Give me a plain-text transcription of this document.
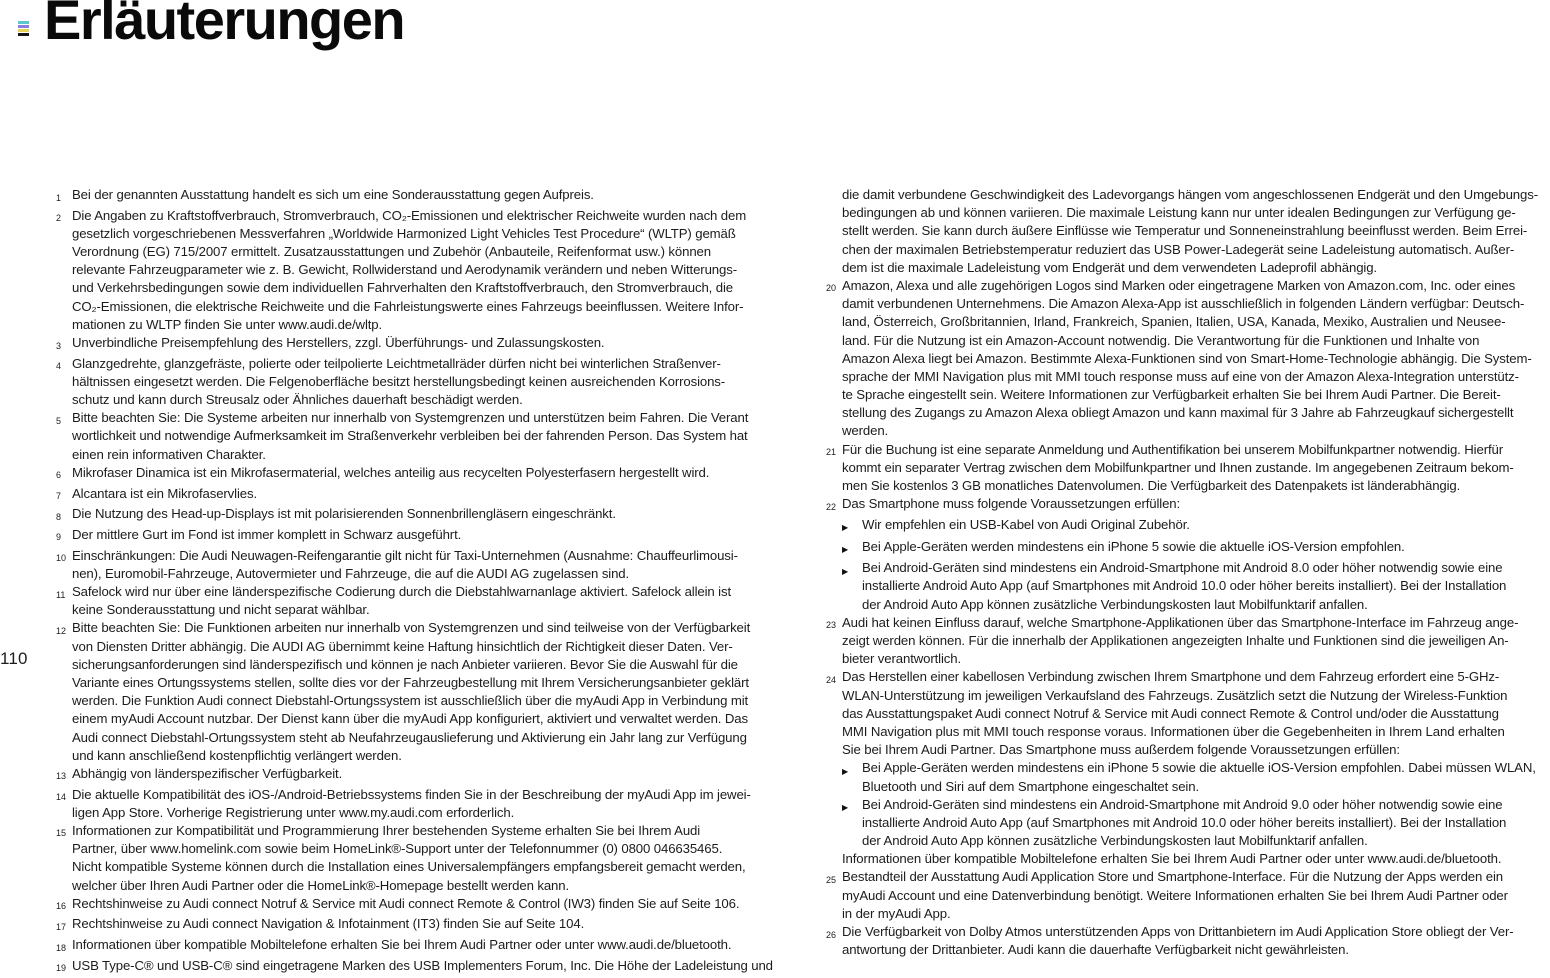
Erläuterungen
110
1 Bei der genannten Ausstattung handelt es sich um eine Sonderausstattung gegen Aufpreis.
2 Die Angaben zu Kraftstoffverbrauch, Stromverbrauch, CO₂-Emissionen und elektrischer Reichweite wurden nach dem
gesetzlich vorgeschriebenen Messverfahren „Worldwide Harmonized Light Vehicles Test Procedure“ (WLTP) gemäß
Verordnung (EG) 715/2007 ermittelt. Zusatzausstattungen und Zubehör (Anbauteile, Reifenformat usw.) können
relevante Fahrzeugparameter wie z. B. Gewicht, Rollwiderstand und Aerodynamik verändern und neben Witterungs-
und Verkehrsbedingungen sowie dem individuellen Fahrverhalten den Kraftstoffverbrauch, den Stromverbrauch, die
CO₂-Emissionen, die elektrische Reichweite und die Fahrleistungswerte eines Fahrzeugs beeinflussen. Weitere Infor-
mationen zu WLTP finden Sie unter www.audi.de/wltp.
3 Unverbindliche Preisempfehlung des Herstellers, zzgl. Überführungs- und Zulassungskosten.
4 Glanzgedrehte, glanzgefräste, polierte oder teilpolierte Leichtmetallräder dürfen nicht bei winterlichen Straßenver-
hältnissen eingesetzt werden. Die Felgenoberfläche besitzt herstellungsbedingt keinen ausreichenden Korrosions-
schutz und kann durch Streusalz oder Ähnliches dauerhaft beschädigt werden.
5 Bitte beachten Sie: Die Systeme arbeiten nur innerhalb von Systemgrenzen und unterstützen beim Fahren. Die Verant
wortlichkeit und notwendige Aufmerksamkeit im Straßenverkehr verbleiben bei der fahrenden Person. Das System hat
einen rein informativen Charakter.
6 Mikrofaser Dinamica ist ein Mikrofasermaterial, welches anteilig aus recycelten Polyesterfasern hergestellt wird.
7 Alcantara ist ein Mikrofaservlies.
8 Die Nutzung des Head-up-Displays ist mit polarisierenden Sonnenbrillengläsern eingeschränkt.
9 Der mittlere Gurt im Fond ist immer komplett in Schwarz ausgeführt.
10 Einschränkungen: Die Audi Neuwagen-Reifengarantie gilt nicht für Taxi-Unternehmen (Ausnahme: Chauffeurlimousi-
nen), Euromobil-Fahrzeuge, Autovermieter und Fahrzeuge, die auf die AUDI AG zugelassen sind.
11 Safelock wird nur über eine länderspezifische Codierung durch die Diebstahlwarnanlage aktiviert. Safelock allein ist
keine Sonderausstattung und nicht separat wählbar.
12 Bitte beachten Sie: Die Funktionen arbeiten nur innerhalb von Systemgrenzen und sind teilweise von der Verfügbarkeit
von Diensten Dritter abhängig. Die AUDI AG übernimmt keine Haftung hinsichtlich der Richtigkeit dieser Daten. Ver-
sicherungsanforderungen sind länderspezifisch und können je nach Anbieter variieren. Bevor Sie die Auswahl für die
Variante eines Ortungssystems stellen, sollte dies vor der Fahrzeugbestellung mit Ihrem Versicherungsanbieter geklärt
werden. Die Funktion Audi connect Diebstahl-Ortungssystem ist ausschließlich über die myAudi App in Verbindung mit
einem myAudi Account nutzbar. Der Dienst kann über die myAudi App konfiguriert, aktiviert und verwaltet werden. Das
Audi connect Diebstahl-Ortungssystem steht ab Neufahrzeugauslieferung und Aktivierung ein Jahr lang zur Verfügung
und kann anschließend kostenpflichtig verlängert werden.
13 Abhängig von länderspezifischer Verfügbarkeit.
14 Die aktuelle Kompatibilität des iOS-/Android-Betriebssystems finden Sie in der Beschreibung der myAudi App im jewei-
ligen App Store. Vorherige Registrierung unter www.my.audi.com erforderlich.
15 Informationen zur Kompatibilität und Programmierung Ihrer bestehenden Systeme erhalten Sie bei Ihrem Audi
Partner, über www.homelink.com sowie beim HomeLink®-Support unter der Telefonnummer (0) 0800 046635465.
Nicht kompatible Systeme können durch die Installation eines Universalempfängers empfangsbereit gemacht werden,
welcher über Ihren Audi Partner oder die HomeLink®-Homepage bestellt werden kann.
16 Rechtshinweise zu Audi connect Notruf & Service mit Audi connect Remote & Control (IW3) finden Sie auf Seite 106.
17 Rechtshinweise zu Audi connect Navigation & Infotainment (IT3) finden Sie auf Seite 104.
18 Informationen über kompatible Mobiltelefone erhalten Sie bei Ihrem Audi Partner oder unter www.audi.de/bluetooth.
19 USB Type-C® und USB-C® sind eingetragene Marken des USB Implementers Forum, Inc. Die Höhe der Ladeleistung und
die damit verbundene Geschwindigkeit des Ladevorgangs hängen vom angeschlossenen Endgerät und den Umgebungs-
bedingungen ab und können variieren. Die maximale Leistung kann nur unter idealen Bedingungen zur Verfügung ge-
stellt werden. Sie kann durch äußere Einflüsse wie Temperatur und Sonneneinstrahlung beeinflusst werden. Beim Errei-
chen der maximalen Betriebstemperatur reduziert das USB Power-Ladegerät seine Ladeleistung automatisch. Außer-
dem ist die maximale Ladeleistung vom Endgerät und dem verwendeten Ladeprofil abhängig.
20 Amazon, Alexa und alle zugehörigen Logos sind Marken oder eingetragene Marken von Amazon.com, Inc. oder eines
damit verbundenen Unternehmens. Die Amazon Alexa-App ist ausschließlich in folgenden Ländern verfügbar: Deutsch-
land, Österreich, Großbritannien, Irland, Frankreich, Spanien, Italien, USA, Kanada, Mexiko, Australien und Neusee-
land. Für die Nutzung ist ein Amazon-Account notwendig. Die Verantwortung für die Funktionen und Inhalte von
Amazon Alexa liegt bei Amazon. Bestimmte Alexa-Funktionen sind von Smart-Home-Technologie abhängig. Die System-
sprache der MMI Navigation plus mit MMI touch response muss auf eine von der Amazon Alexa-Integration unterstütz-
te Sprache eingestellt sein. Weitere Informationen zur Verfügbarkeit erhalten Sie bei Ihrem Audi Partner. Die Bereit-
stellung des Zugangs zu Amazon Alexa obliegt Amazon und kann maximal für 3 Jahre ab Fahrzeugkauf sichergestellt
werden.
21 Für die Buchung ist eine separate Anmeldung und Authentifikation bei unserem Mobilfunkpartner notwendig. Hierfür
kommt ein separater Vertrag zwischen dem Mobilfunkpartner und Ihnen zustande. Im angegebenen Zeitraum bekom-
men Sie kostenlos 3 GB monatliches Datenvolumen. Die Verfügbarkeit des Datenpakets ist länderabhängig.
22 Das Smartphone muss folgende Voraussetzungen erfüllen:
▶	Wir empfehlen ein USB-Kabel von Audi Original Zubehör.
▶	Bei Apple-Geräten werden mindestens ein iPhone 5 sowie die aktuelle iOS-Version empfohlen.
▶	Bei Android-Geräten sind mindestens ein Android-Smartphone mit Android 8.0 oder höher notwendig sowie eine
installierte Android Auto App (auf Smartphones mit Android 10.0 oder höher bereits installiert). Bei der Installation
der Android Auto App können zusätzliche Verbindungskosten laut Mobilfunktarif anfallen.
23 Audi hat keinen Einfluss darauf, welche Smartphone-Applikationen über das Smartphone-Interface im Fahrzeug ange-
zeigt werden können. Für die innerhalb der Applikationen angezeigten Inhalte und Funktionen sind die jeweiligen An-
bieter verantwortlich.
24 Das Herstellen einer kabellosen Verbindung zwischen Ihrem Smartphone und dem Fahrzeug erfordert eine 5-GHz-
WLAN-Unterstützung im jeweiligen Verkaufsland des Fahrzeugs. Zusätzlich setzt die Nutzung der Wireless-Funktion
das Ausstattungspaket Audi connect Notruf & Service mit Audi connect Remote & Control und/oder die Ausstattung
MMI Navigation plus mit MMI touch response voraus. Informationen über die Gegebenheiten in Ihrem Land erhalten
Sie bei Ihrem Audi Partner. Das Smartphone muss außerdem folgende Voraussetzungen erfüllen:
▶	Bei Apple-Geräten werden mindestens ein iPhone 5 sowie die aktuelle iOS-Version empfohlen. Dabei müssen WLAN,
Bluetooth und Siri auf dem Smartphone eingeschaltet sein.
▶	Bei Android-Geräten sind mindestens ein Android-Smartphone mit Android 9.0 oder höher notwendig sowie eine
installierte Android Auto App (auf Smartphones mit Android 10.0 oder höher bereits installiert). Bei der Installation
der Android Auto App können zusätzliche Verbindungskosten laut Mobilfunktarif anfallen.
Informationen über kompatible Mobiltelefone erhalten Sie bei Ihrem Audi Partner oder unter www.audi.de/bluetooth.
25 Bestandteil der Ausstattung Audi Application Store und Smartphone-Interface. Für die Nutzung der Apps werden ein
myAudi Account und eine Datenverbindung benötigt. Weitere Informationen erhalten Sie bei Ihrem Audi Partner oder
in der myAudi App.
26 Die Verfügbarkeit von Dolby Atmos unterstützenden Apps von Drittanbietern im Audi Application Store obliegt der Ver-
antwortung der Drittanbieter. Audi kann die dauerhafte Verfügbarkeit nicht gewährleisten.
